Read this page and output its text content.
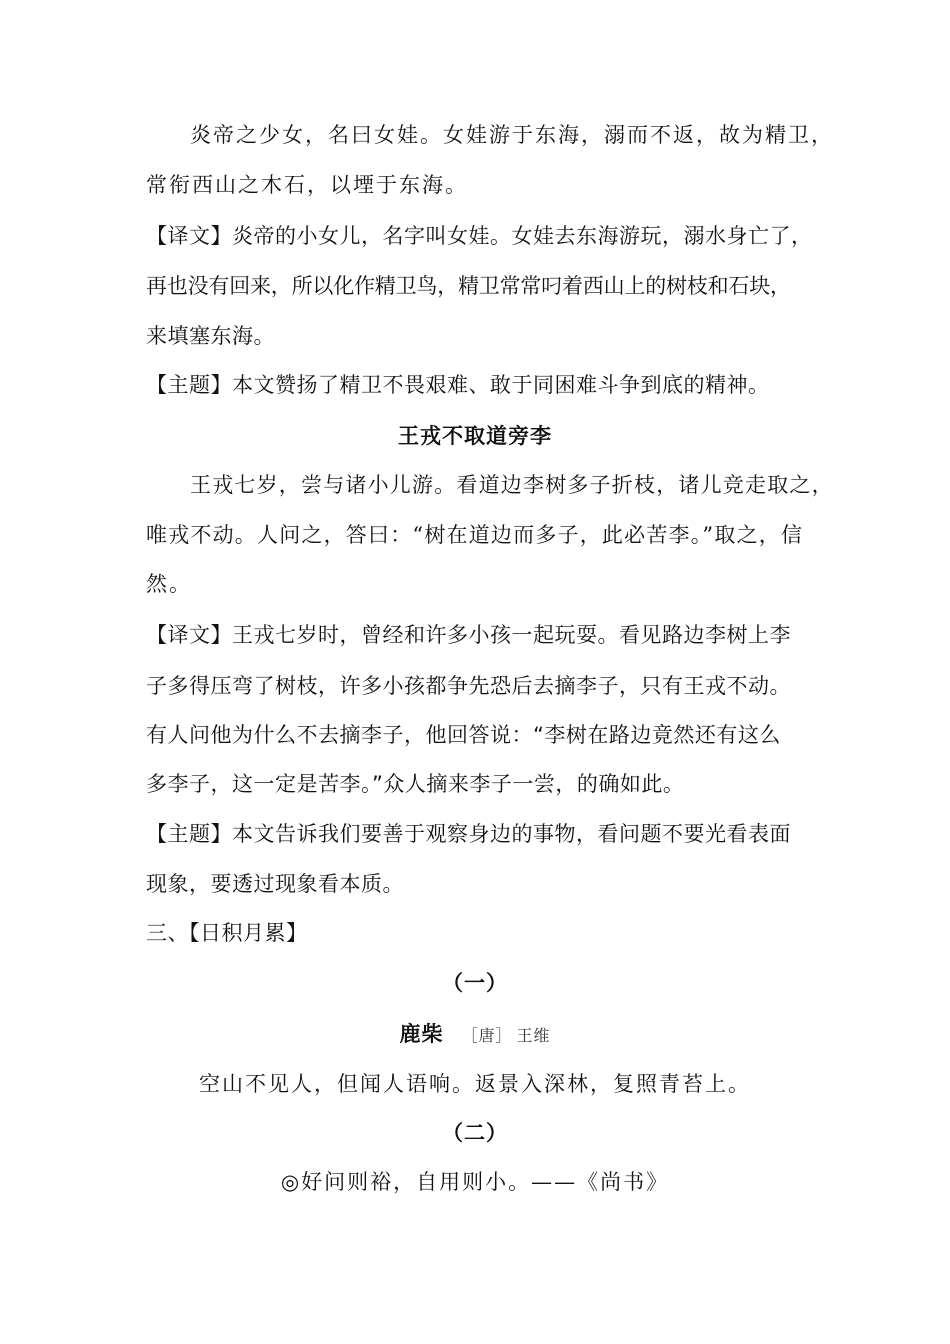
炎帝之少女，名曰女娃。女娃游于东海，溺而不返，故为精卫，
常衔西山之木石，以堙于东海。
【译文】炎帝的小女儿，名字叫女娃。女娃去东海游玩，溺水身亡了，
再也没有回来，所以化作精卫鸟，精卫常常叼着西山上的树枝和石块，
来填塞东海。
【主题】本文赞扬了精卫不畏艰难、敢于同困难斗争到底的精神。
王戎不取道旁李
王戎七岁，尝与诸小儿游。看道边李树多子折枝，诸儿竞走取之，
唯戎不动。人问之，答曰：“树在道边而多子，此必苦李。”取之，信
然。
【译文】王戎七岁时，曾经和许多小孩一起玩耍。看见路边李树上李
子多得压弯了树枝，许多小孩都争先恐后去摘李子，只有王戎不动。
有人问他为什么不去摘李子，他回答说：“李树在路边竟然还有这么
多李子，这一定是苦李。”众人摘来李子一尝，的确如此。
【主题】本文告诉我们要善于观察身边的事物，看问题不要光看表面
现象，要透过现象看本质。
三、【日积月累】
（一）
鹿柴 ［唐］ 王维
空山不见人，但闻人语响。返景入深林，复照青苔上。
（二）
◎好问则裕，自用则小。——《尚书》
